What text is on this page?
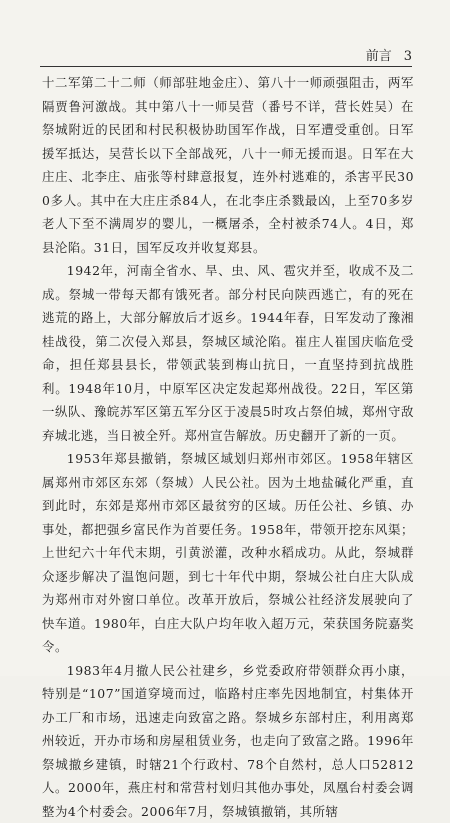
前言 3

十二军第二十二师（师部驻地金庄）、第八十一师顽强阻击，两军隔贾鲁河激战。其中第八十一师吴营（番号不详，营长姓吴）在祭城附近的民团和村民积极协助国军作战，日军遭受重创。日军援军抵达，吴营长以下全部战死，八十一师无援而退。日军在大庄庄、北李庄、庙张等村肆意报复，连外村逃难的，杀害平民300多人。其中在大庄庄杀84人，在北李庄杀戮最凶，上至70多岁老人下至不满周岁的婴儿，一概屠杀，全村被杀74人。4日，郑县沦陷。31日，国军反攻并收复郑县。

1942年，河南全省水、旱、虫、风、雹灾并至，收成不及二成。祭城一带每天都有饿死者。部分村民向陕西逃亡，有的死在逃荒的路上，大部分解放后才返乡。1944年春，日军发动了豫湘桂战役，第二次侵入郑县，祭城区域沦陷。崔庄人崔国庆临危受命，担任郑县县长，带领武装到梅山抗日，一直坚持到抗战胜利。1948年10月，中原军区决定发起郑州战役。22日，军区第一纵队、豫皖苏军区第五军分区于凌晨5时攻占祭伯城，郑州守敌弃城北逃，当日被全歼。郑州宣告解放。历史翻开了新的一页。

1953年郑县撤销，祭城区域划归郑州市郊区。1958年辖区属郑州市郊区东郊（祭城）人民公社。因为土地盐碱化严重，直到此时，东郊是郑州市郊区最贫穷的区域。历任公社、乡镇、办事处，都把强乡富民作为首要任务。1958年，带领开挖东风渠；上世纪六十年代末期，引黄淤灌，改种水稻成功。从此，祭城群众逐步解决了温饱问题，到七十年代中期，祭城公社白庄大队成为郑州市对外窗口单位。改革开放后，祭城公社经济发展驶向了快车道。1980年，白庄大队户均年收入超万元，荣获国务院嘉奖令。

1983年4月撤人民公社建乡，乡党委政府带领群众再小康，特别是“107”国道穿境而过，临路村庄率先因地制宜，村集体开办工厂和市场，迅速走向致富之路。祭城乡东部村庄，利用离郑州较近，开办市场和房屋租赁业务，也走向了致富之路。1996年祭城撤乡建镇，时辖21个行政村、78个自然村，总人口52812人。2000年，燕庄村和常营村划归其他办事处，凤凰台村委会调整为4个村委会。2006年7月，祭城镇撤销，其所辖
